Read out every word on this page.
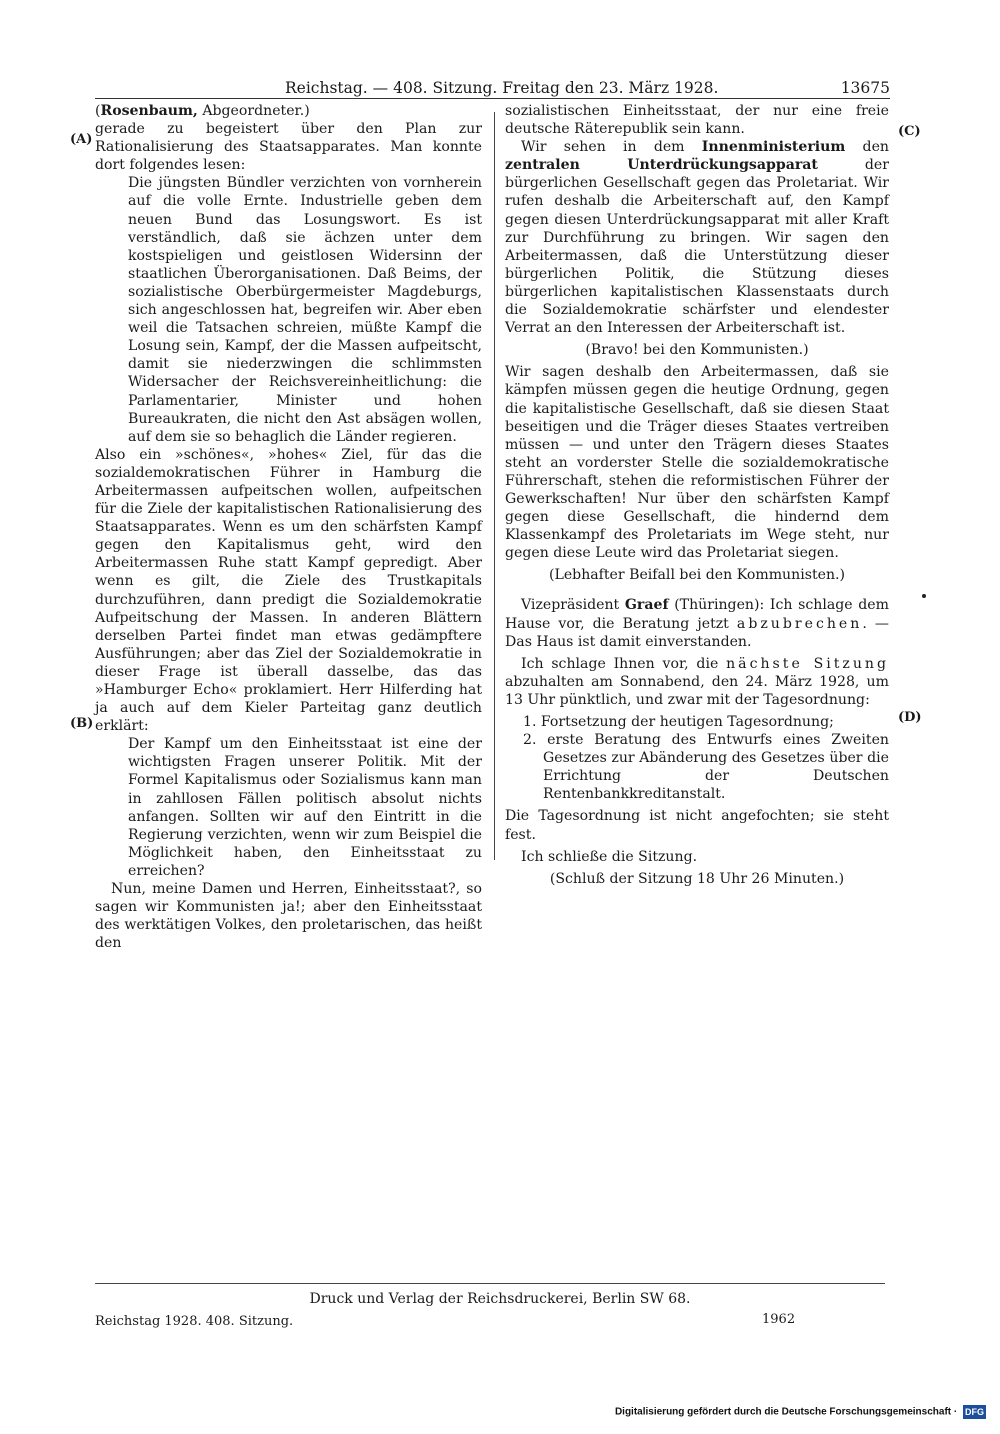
Reichstag. — 408. Sitzung. Freitag den 23. März 1928.	13675
(A)
(B)
(C)
(D)

(Rosenbaum, Abgeordneter.)

gerade zu begeistert über den Plan zur Rationalisierung des Staatsapparates. Man konnte dort folgendes lesen:

Die jüngsten Bündler verzichten von vornherein auf die volle Ernte. Industrielle geben dem neuen Bund das Losungswort. Es ist verständlich, daß sie ächzen unter dem kostspieligen und geistlosen Widersinn der staatlichen Überorganisationen. Daß Beims, der sozialistische Oberbürgermeister Magdeburgs, sich angeschlossen hat, begreifen wir. Aber eben weil die Tatsachen schreien, müßte Kampf die Losung sein, Kampf, der die Massen aufpeitscht, damit sie niederzwingen die schlimmsten Widersacher der Reichsvereinheitlichung: die Parlamentarier, Minister und hohen Bureaukraten, die nicht den Ast absägen wollen, auf dem sie so behaglich die Länder regieren.

Also ein »schönes«, »hohes« Ziel, für das die sozialdemokratischen Führer in Hamburg die Arbeitermassen aufpeitschen wollen, aufpeitschen für die Ziele der kapitalistischen Rationalisierung des Staatsapparates. Wenn es um den schärfsten Kampf gegen den Kapitalismus geht, wird den Arbeitermassen Ruhe statt Kampf gepredigt. Aber wenn es gilt, die Ziele des Trustkapitals durchzuführen, dann predigt die Sozialdemokratie Aufpeitschung der Massen. In anderen Blättern derselben Partei findet man etwas gedämpftere Ausführungen; aber das Ziel der Sozialdemokratie in dieser Frage ist überall dasselbe, das das »Hamburger Echo« proklamiert. Herr Hilferding hat ja auch auf dem Kieler Parteitag ganz deutlich erklärt:

Der Kampf um den Einheitsstaat ist eine der wichtigsten Fragen unserer Politik. Mit der Formel Kapitalismus oder Sozialismus kann man in zahllosen Fällen politisch absolut nichts anfangen. Sollten wir auf den Eintritt in die Regierung verzichten, wenn wir zum Beispiel die Möglichkeit haben, den Einheitsstaat zu erreichen?

Nun, meine Damen und Herren, Einheitsstaat?, so sagen wir Kommunisten ja!; aber den Einheitsstaat des werktätigen Volkes, den proletarischen, das heißt den

sozialistischen Einheitsstaat, der nur eine freie deutsche Räterepublik sein kann.

Wir sehen in dem Innenministerium den zentralen Unterdrückungsapparat	der bürgerlichen Gesellschaft gegen das Proletariat. Wir rufen deshalb die Arbeiterschaft auf, den Kampf gegen diesen Unterdrückungsapparat mit aller Kraft zur Durchführung zu bringen. Wir sagen den Arbeitermassen, daß die Unterstützung dieser bürgerlichen Politik, die Stützung dieses bürgerlichen kapitalistischen Klassenstaats durch die Sozialdemokratie schärfster und elendester Verrat an den Interessen der Arbeiterschaft ist.

(Bravo! bei den Kommunisten.)

Wir sagen deshalb den Arbeitermassen, daß sie kämpfen müssen gegen die heutige Ordnung, gegen die kapitalistische Gesellschaft, daß sie diesen Staat beseitigen und die Träger dieses Staates vertreiben müssen — und unter den Trägern dieses Staates steht an vorderster Stelle die sozialdemokratische Führerschaft, stehen die reformistischen Führer der Gewerkschaften! Nur über den schärfsten Kampf gegen diese Gesellschaft, die hindernd dem Klassenkampf des Proletariats im Wege steht, nur gegen diese Leute wird das Proletariat siegen.

(Lebhafter Beifall bei den Kommunisten.)

Vizepräsident Graef (Thüringen): Ich schlage dem Hause vor, die Beratung jetzt abzubrechen. — Das Haus ist damit einverstanden.

Ich schlage Ihnen vor, die nächste Sitzung abzuhalten am Sonnabend, den 24. März 1928, um 13 Uhr pünktlich, und zwar mit der Tagesordnung:

1. Fortsetzung der heutigen Tagesordnung;

2. erste Beratung des Entwurfs eines Zweiten Gesetzes zur Abänderung des Gesetzes über die Errichtung der Deutschen Rentenbankkreditanstalt.

Die Tagesordnung ist nicht angefochten; sie steht fest.

Ich schließe die Sitzung.

(Schluß der Sitzung 18 Uhr 26 Minuten.)

Druck und Verlag der Reichsdruckerei, Berlin SW 68.
Reichstag 1928. 408. Sitzung.	1962
Digitalisierung gefördert durch die Deutsche Forschungsgemeinschaft · DFG
